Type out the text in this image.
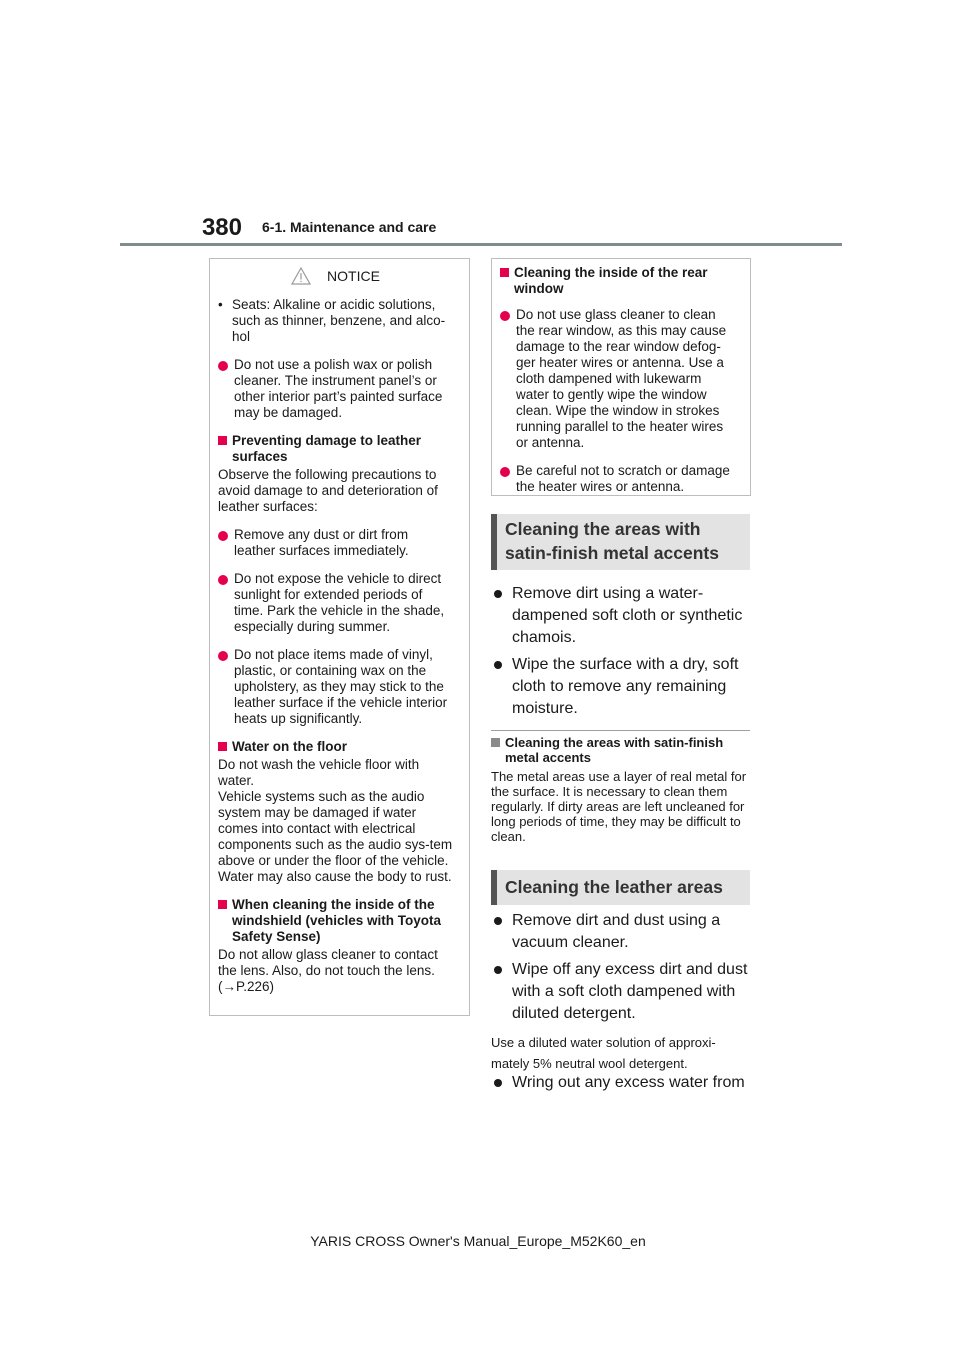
380 6-1. Maintenance and care
NOTICE
• Seats: Alkaline or acidic solutions, such as thinner, benzene, and alco-hol
Do not use a polish wax or polish cleaner. The instrument panel’s or other interior part’s painted surface may be damaged.
Preventing damage to leather surfaces
Observe the following precautions to avoid damage to and deterioration of leather surfaces:
Remove any dust or dirt from leather surfaces immediately.
Do not expose the vehicle to direct sunlight for extended periods of time. Park the vehicle in the shade, especially during summer.
Do not place items made of vinyl, plastic, or containing wax on the upholstery, as they may stick to the leather surface if the vehicle interior heats up significantly.
Water on the floor
Do not wash the vehicle floor with water.
Vehicle systems such as the audio system may be damaged if water comes into contact with electrical components such as the audio sys-tem above or under the floor of the vehicle. Water may also cause the body to rust.
When cleaning the inside of the windshield (vehicles with Toyota Safety Sense)
Do not allow glass cleaner to contact the lens. Also, do not touch the lens.
(→P.226)
Cleaning the inside of the rear window
Do not use glass cleaner to clean the rear window, as this may cause damage to the rear window defog-ger heater wires or antenna. Use a cloth dampened with lukewarm water to gently wipe the window clean. Wipe the window in strokes running parallel to the heater wires or antenna.
Be careful not to scratch or damage the heater wires or antenna.
Cleaning the areas with
satin-finish metal accents
Remove dirt using a water-dampened soft cloth or synthetic chamois.
Wipe the surface with a dry, soft cloth to remove any remaining moisture.
Cleaning the areas with satin-finish metal accents

The metal areas use a layer of real metal for the surface. It is necessary to clean them regularly. If dirty areas are left uncleaned for long periods of time, they may be difficult to clean.

Cleaning the leather areas
Remove dirt and dust using a vacuum cleaner.
Wipe off any excess dirt and dust with a soft cloth dampened with diluted detergent.
Use a diluted water solution of approxi-mately 5% neutral wool detergent.
Wring out any excess water from
YARIS CROSS Owner's Manual_Europe_M52K60_en
